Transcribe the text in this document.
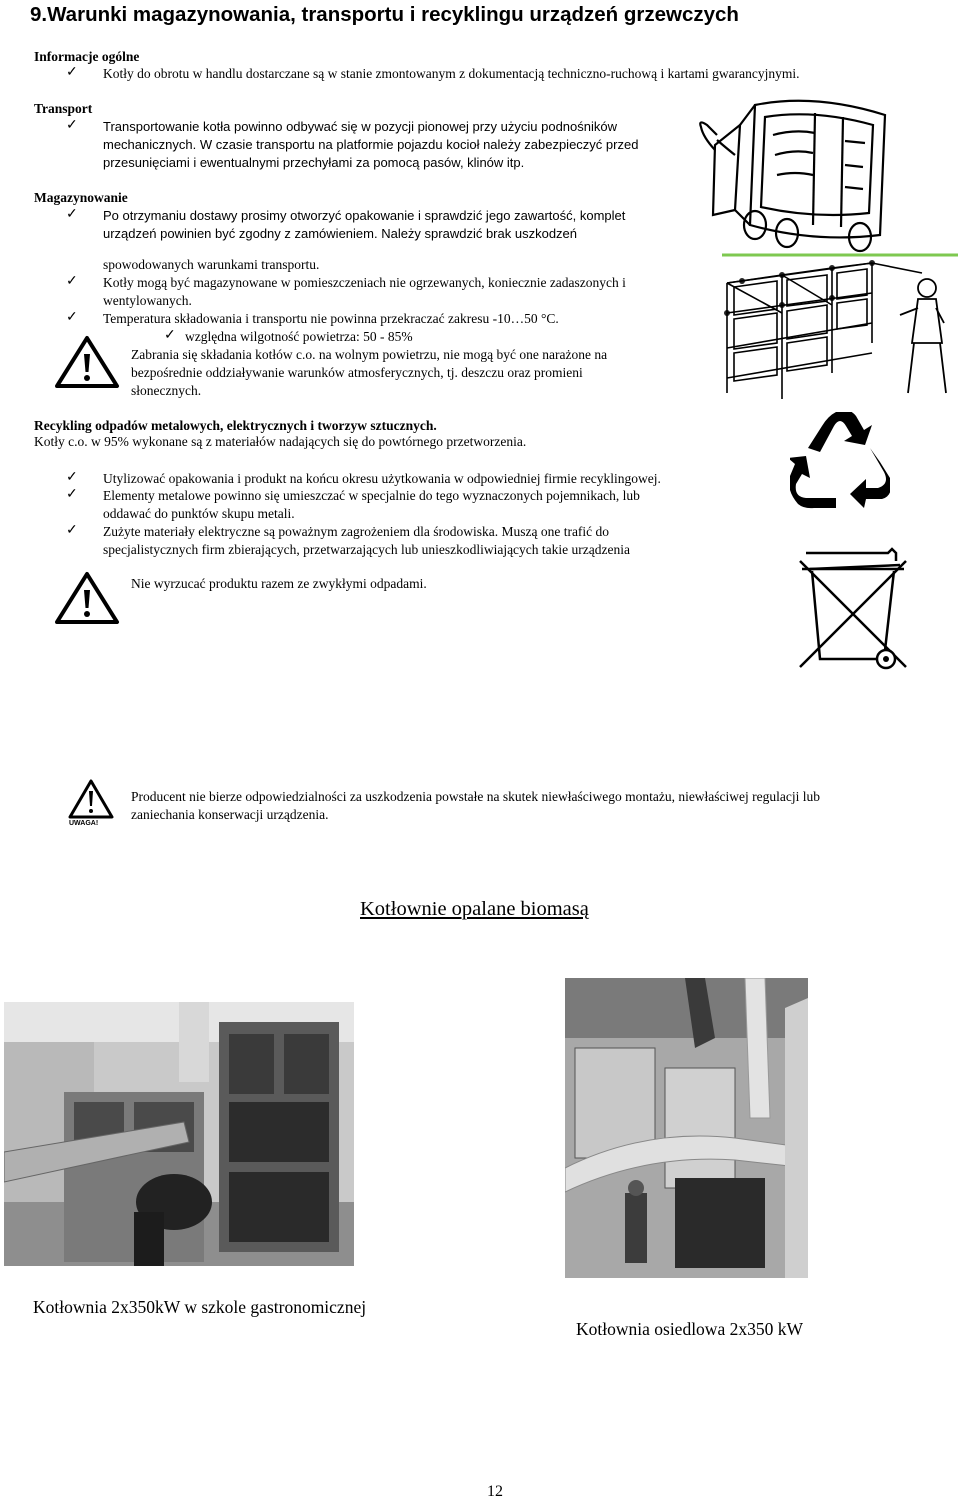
9.Warunki magazynowania, transportu i recyklingu urządzeń grzewczych
Informacje ogólne
✓ Kotły do obrotu w handlu dostarczane są w stanie zmontowanym z dokumentacją techniczno-ruchową i kartami gwarancyjnymi.
Transport
✓ Transportowanie kotła powinno odbywać się w pozycji pionowej przy użyciu podnośników
mechanicznych. W czasie transportu na platformie pojazdu kocioł należy zabezpieczyć przed
przesunięciami i ewentualnymi przechyłami za pomocą pasów, klinów itp.
Magazynowanie
✓ Po otrzymaniu dostawy prosimy otworzyć opakowanie i sprawdzić jego zawartość, komplet
urządzeń powinien być zgodny z zamówieniem. Należy sprawdzić brak uszkodzeń
spowodowanych warunkami transportu.
✓ Kotły mogą być magazynowane w pomieszczeniach nie ogrzewanych, koniecznie zadaszonych i
wentylowanych.
✓ Temperatura składowania i transportu nie powinna przekraczać zakresu -10…50 °C.
✓ względna wilgotność powietrza: 50 - 85%
Zabrania się składania kotłów c.o. na wolnym powietrzu, nie mogą być one narażone na
bezpośrednie oddziaływanie warunków atmosferycznych, tj. deszczu oraz promieni
słonecznych.
Recykling odpadów metalowych, elektrycznych i tworzyw sztucznych.
Kotły c.o. w 95% wykonane są z materiałów nadających się do powtórnego przetworzenia.
✓ Utylizować opakowania i produkt na końcu okresu użytkowania w odpowiedniej firmie recyklingowej.
✓ Elementy metalowe powinno się umieszczać w specjalnie do tego wyznaczonych pojemnikach, lub
oddawać do punktów skupu metali.
✓ Zużyte materiały elektryczne są poważnym zagrożeniem dla środowiska. Muszą one trafić do
specjalistycznych firm zbierających, przetwarzających lub unieszkodliwiających takie urządzenia
Nie wyrzucać produktu razem ze zwykłymi odpadami.
UWAGA!
Producent nie bierze odpowiedzialności za uszkodzenia powstałe na skutek niewłaściwego montażu, niewłaściwej regulacji lub
zaniechania konserwacji urządzenia.
Kotłownie opalane biomasą
Kotłownia 2x350kW w szkole gastronomicznej
Kotłownia osiedlowa 2x350 kW
12
